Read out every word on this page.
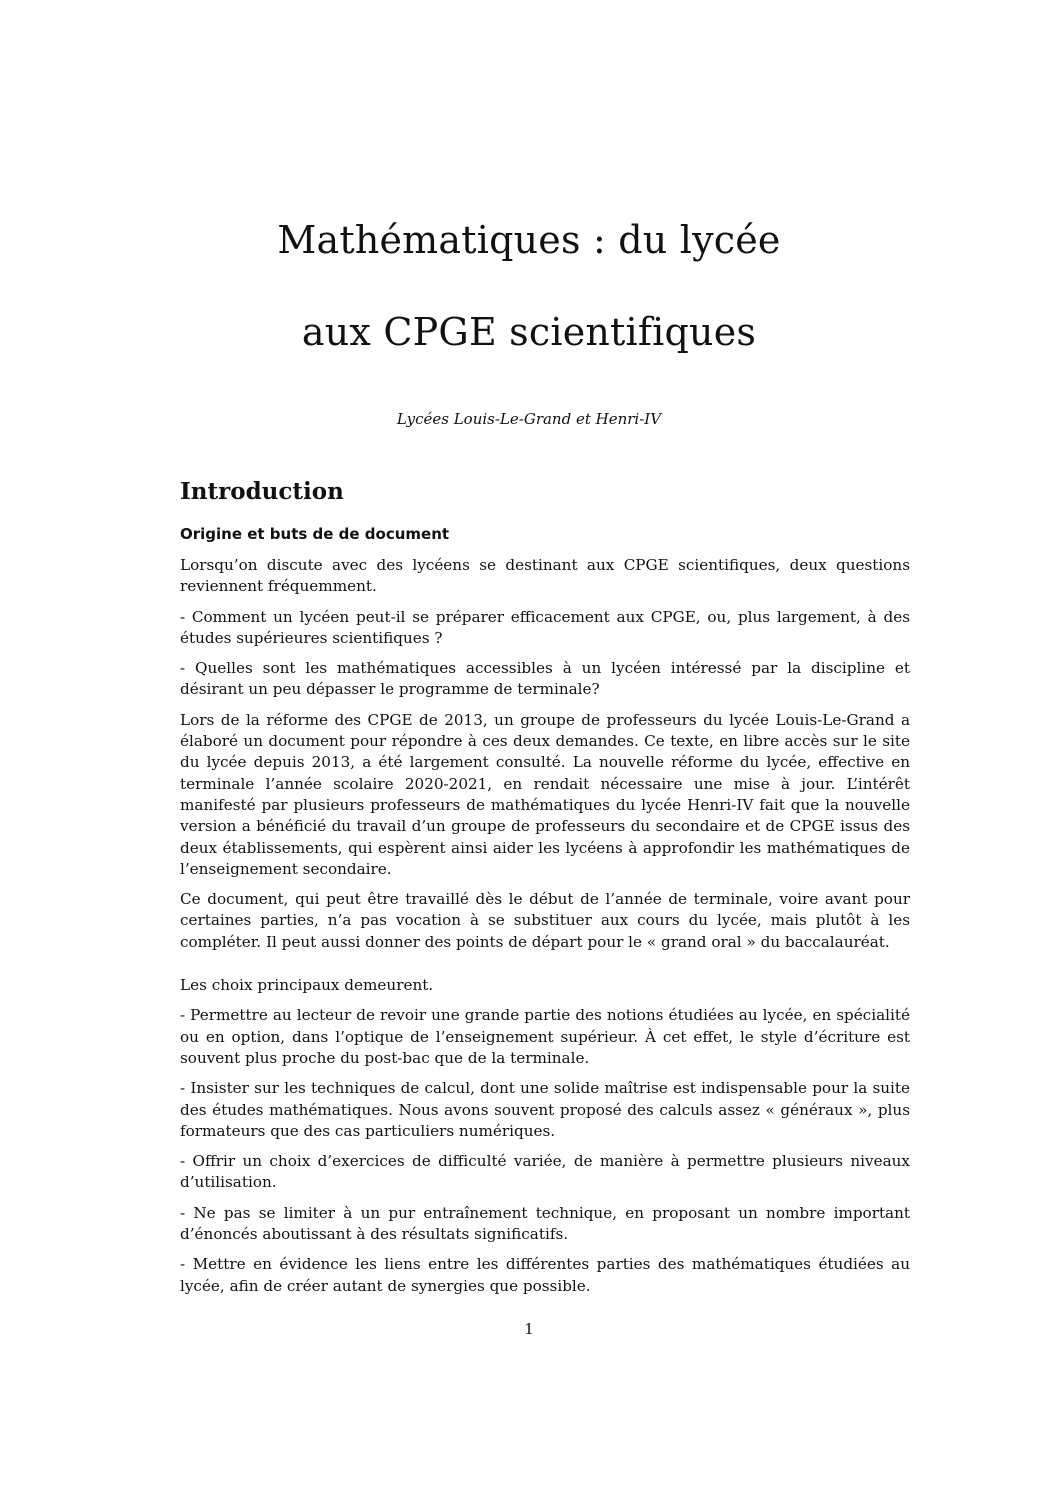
Mathématiques : du lycée
aux CPGE scientifiques
Lycées Louis-Le-Grand et Henri-IV
Introduction
Origine et buts de de document

Lorsqu’on discute avec des lycéens se destinant aux CPGE scientifiques, deux questions reviennent fréquemment.

- Comment un lycéen peut-il se préparer efficacement aux CPGE, ou, plus largement, à des études supérieures scientifiques ?

- Quelles sont les mathématiques accessibles à un lycéen intéressé par la discipline et désirant un peu dépasser le programme de terminale?

Lors de la réforme des CPGE de 2013, un groupe de professeurs du lycée Louis-Le-Grand a élaboré un document pour répondre à ces deux demandes. Ce texte, en libre accès sur le site du lycée depuis 2013, a été largement consulté. La nouvelle réforme du lycée, effective en terminale l’année scolaire 2020-2021, en rendait nécessaire une mise à jour. L’intérêt manifesté par plusieurs professeurs de mathématiques du lycée Henri-IV fait que la nouvelle version a bénéficié du travail d’un groupe de professeurs du secondaire et de CPGE issus des deux établissements, qui espèrent ainsi aider les lycéens à approfondir les mathématiques de l’enseignement secondaire.

Ce document, qui peut être travaillé dès le début de l’année de terminale, voire avant pour certaines parties, n’a pas vocation à se substituer aux cours du lycée, mais plutôt à les compléter. Il peut aussi donner des points de départ pour le « grand oral » du baccalauréat.

Les choix principaux demeurent.

- Permettre au lecteur de revoir une grande partie des notions étudiées au lycée, en spécialité ou en option, dans l’optique de l’enseignement supérieur. À cet effet, le style d’écriture est souvent plus proche du post-bac que de la terminale.

- Insister sur les techniques de calcul, dont une solide maîtrise est indispensable pour la suite des études mathématiques. Nous avons souvent proposé des calculs assez « généraux », plus formateurs que des cas particuliers numériques.

- Offrir un choix d’exercices de difficulté variée, de manière à permettre plusieurs niveaux d’utilisation.

- Ne pas se limiter à un pur entraînement technique, en proposant un nombre important d’énoncés aboutissant à des résultats significatifs.

- Mettre en évidence les liens entre les différentes parties des mathématiques étudiées au lycée, afin de créer autant de synergies que possible.

1
